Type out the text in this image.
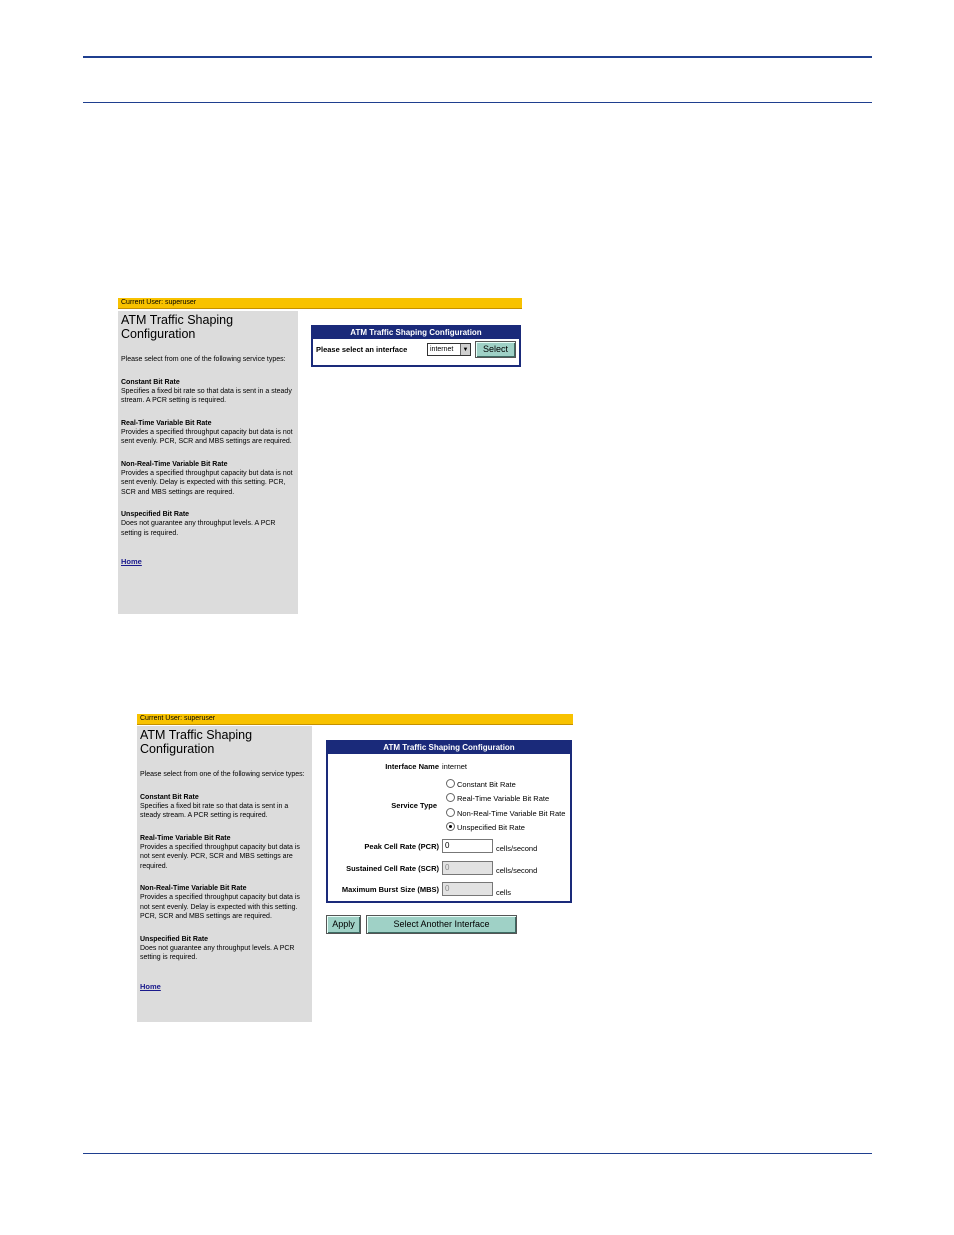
Current User: superuser
ATM Traffic Shaping
Configuration
Please select from one of the following service types:
Constant Bit Rate
Specifies a fixed bit rate so that data is sent in a steady stream. A PCR setting is required.
Real-Time Variable Bit Rate
Provides a specified throughput capacity but data is not sent evenly. PCR, SCR and MBS settings are required.
Non-Real-Time Variable Bit Rate
Provides a specified throughput capacity but data is not sent evenly. Delay is expected with this setting. PCR, SCR and MBS settings are required.
Unspecified Bit Rate
Does not guarantee any throughput levels. A PCR setting is required.
Home
ATM Traffic Shaping Configuration
Please select an interface	internet	▼	Select
Current User: superuser
ATM Traffic Shaping
Configuration
Please select from one of the following service types:
Constant Bit Rate
Specifies a fixed bit rate so that data is sent in a steady stream. A PCR setting is required.
Real-Time Variable Bit Rate
Provides a specified throughput capacity but data is not sent evenly. PCR, SCR and MBS settings are required.
Non-Real-Time Variable Bit Rate
Provides a specified throughput capacity but data is not sent evenly. Delay is expected with this setting. PCR, SCR and MBS settings are required.
Unspecified Bit Rate
Does not guarantee any throughput levels. A PCR setting is required.
Home
ATM Traffic Shaping Configuration
Interface Name internet
Service Type
Constant Bit Rate
Real-Time Variable Bit Rate
Non-Real-Time Variable Bit Rate
Unspecified Bit Rate
Peak Cell Rate (PCR) 0	cells/second
Sustained Cell Rate (SCR) 0	cells/second
Maximum Burst Size (MBS) 0	cells
Apply	Select Another Interface
